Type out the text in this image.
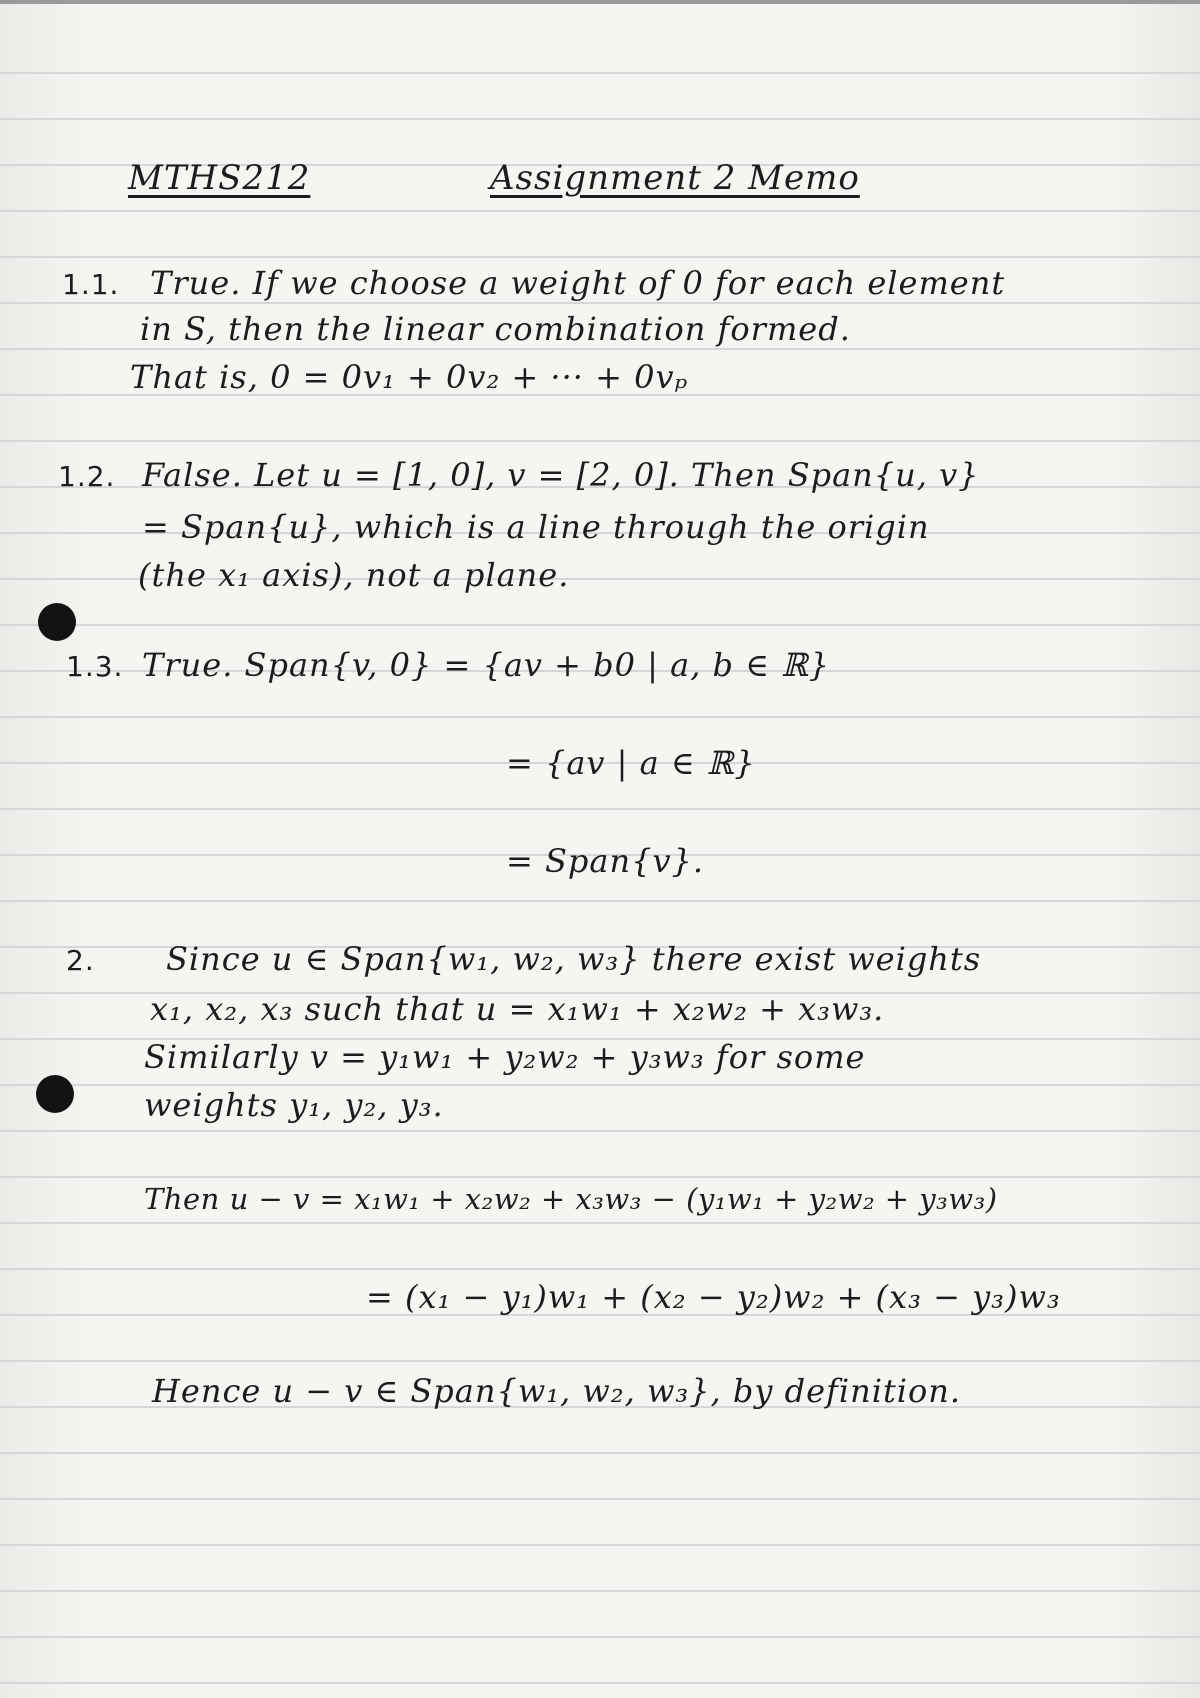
MTHS212	Assignment 2 Memo
1.1. True. If we choose a weight of 0 for each element
in S, then the linear combination formed.
That is, 0 = 0v₁ + 0v₂ + ··· + 0vₚ
1.2. False. Let u = [1, 0], v = [2, 0]. Then Span{u, v}
= Span{u}, which is a line through the origin
(the x₁ axis), not a plane.
1.3. True. Span{v, 0} = {av + b0 | a, b ∈ ℝ}
= {av | a ∈ ℝ}
= Span{v}.
2. Since u ∈ Span{w₁, w₂, w₃} there exist weights
x₁, x₂, x₃ such that u = x₁w₁ + x₂w₂ + x₃w₃.
Similarly v = y₁w₁ + y₂w₂ + y₃w₃ for some
weights y₁, y₂, y₃.
Then u − v = x₁w₁ + x₂w₂ + x₃w₃ − (y₁w₁ + y₂w₂ + y₃w₃)
= (x₁ − y₁)w₁ + (x₂ − y₂)w₂ + (x₃ − y₃)w₃
Hence u − v ∈ Span{w₁, w₂, w₃}, by definition.
